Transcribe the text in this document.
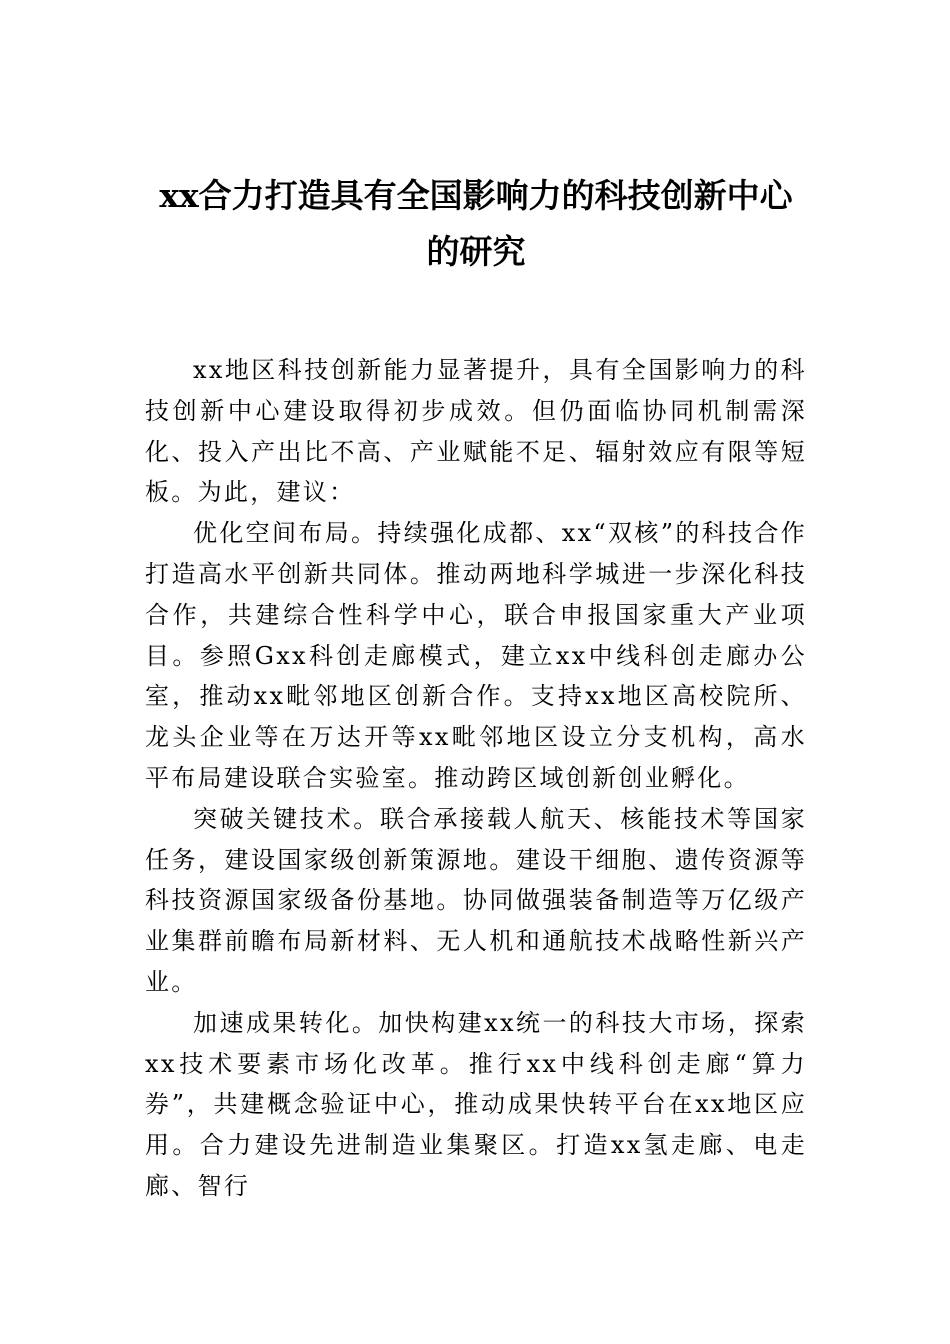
xx合力打造具有全国影响力的科技创新中心的研究

xx地区科技创新能力显著提升，具有全国影响力的科技创新中心建设取得初步成效。但仍面临协同机制需深化、投入产出比不高、产业赋能不足、辐射效应有限等短板。为此，建议：

优化空间布局。持续强化成都、xx“双核”的科技合作打造高水平创新共同体。推动两地科学城进一步深化科技合作，共建综合性科学中心，联合申报国家重大产业项目。参照Gxx科创走廊模式，建立xx中线科创走廊办公室，推动xx毗邻地区创新合作。支持xx地区高校院所、龙头企业等在万达开等xx毗邻地区设立分支机构，高水平布局建设联合实验室。推动跨区域创新创业孵化。

突破关键技术。联合承接载人航天、核能技术等国家任务，建设国家级创新策源地。建设干细胞、遗传资源等科技资源国家级备份基地。协同做强装备制造等万亿级产业集群前瞻布局新材料、无人机和通航技术战略性新兴产业。

加速成果转化。加快构建xx统一的科技大市场，探索xx技术要素市场化改革。推行xx中线科创走廊“算力券”，共建概念验证中心，推动成果快转平台在xx地区应用。合力建设先进制造业集聚区。打造xx氢走廊、电走廊、智行
